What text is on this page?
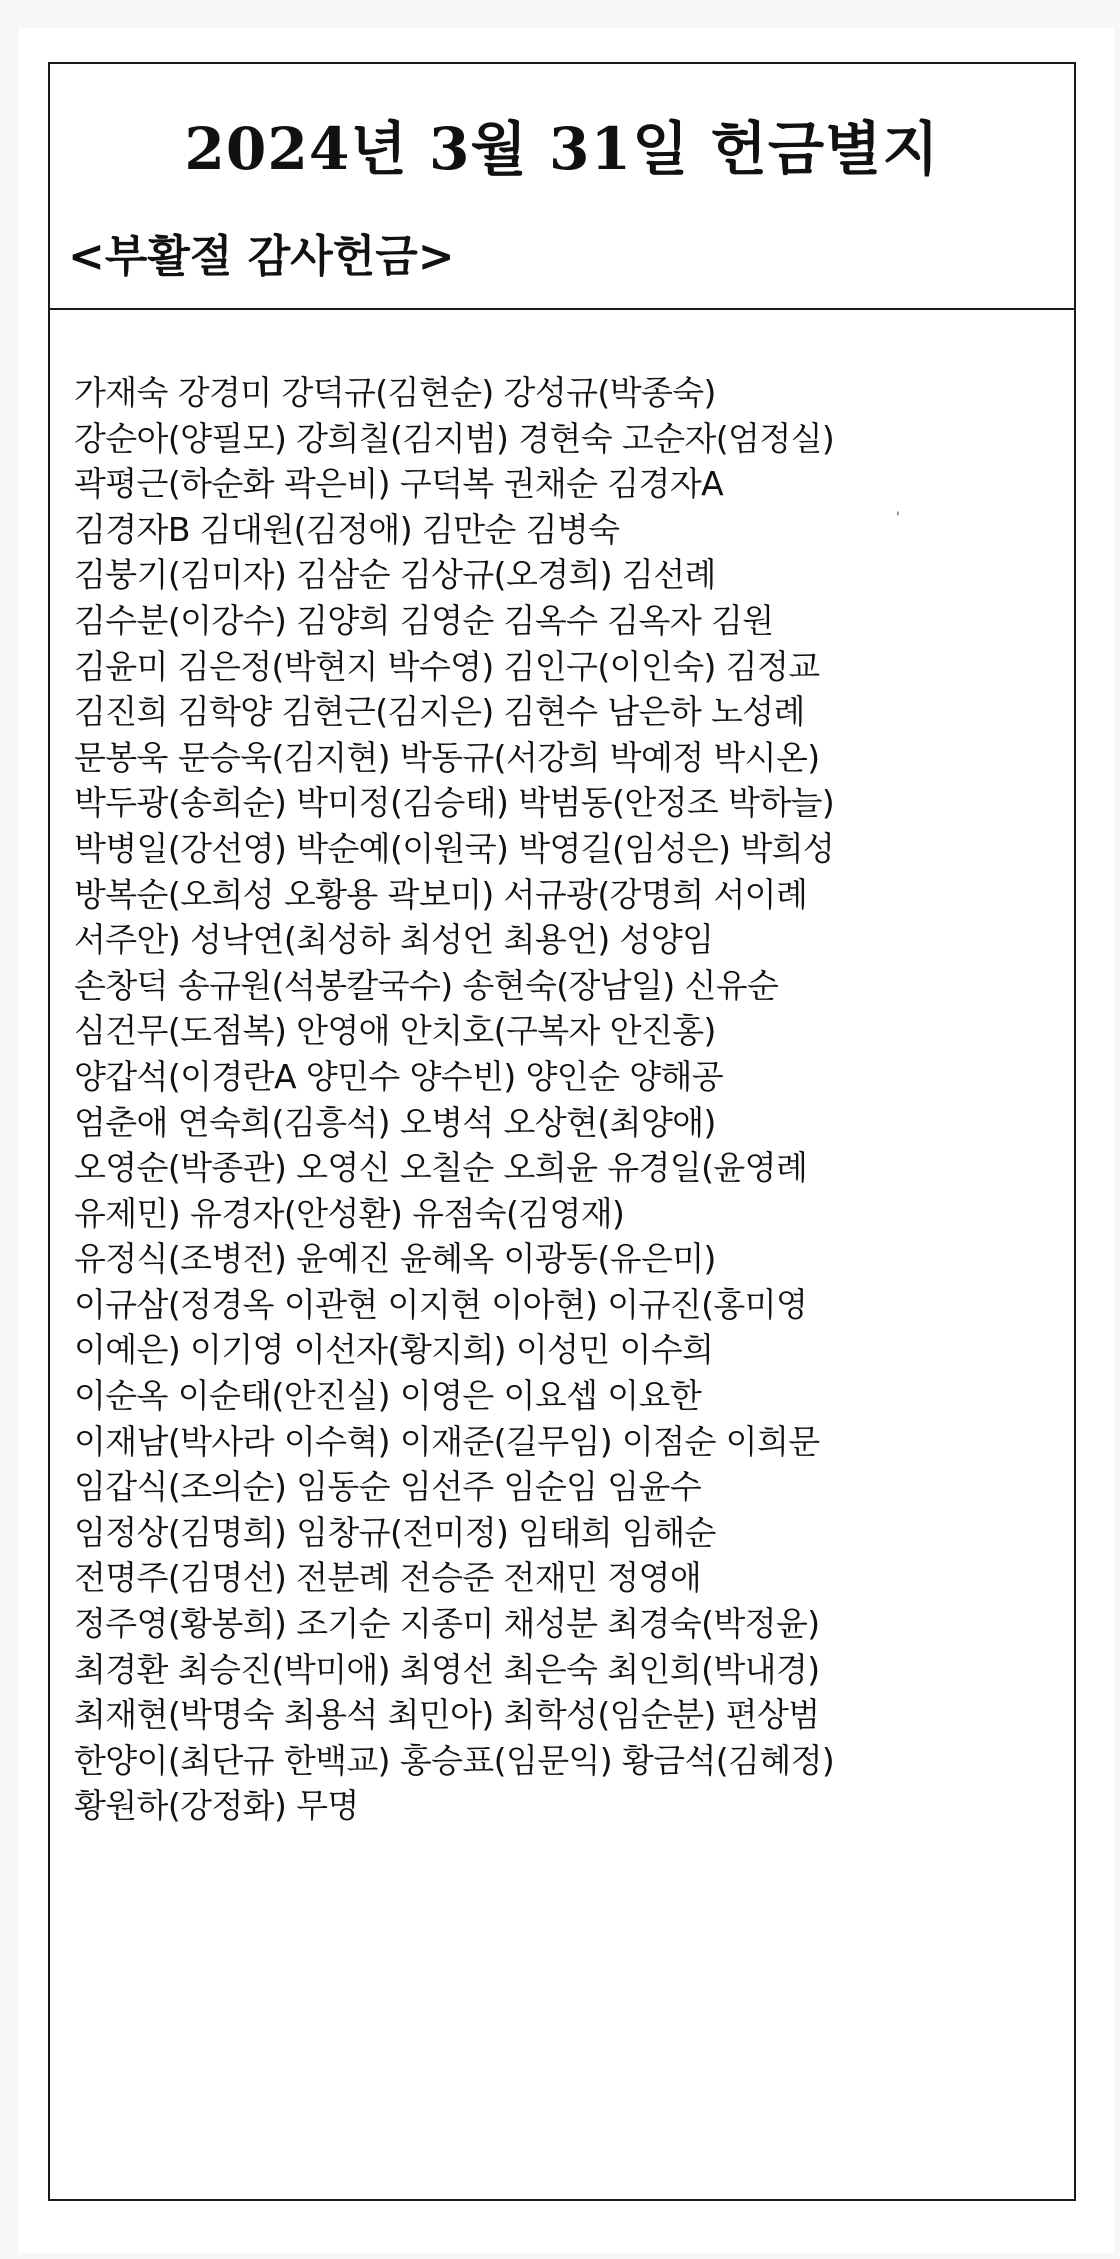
2024년 3월 31일 헌금별지
<부활절 감사헌금>
'
가재숙 강경미 강덕규(김현순) 강성규(박종숙)
강순아(양필모) 강희칠(김지범) 경현숙 고순자(엄정실)
곽평근(하순화 곽은비) 구덕복 권채순 김경자A
김경자B 김대원(김정애) 김만순 김병숙
김붕기(김미자) 김삼순 김상규(오경희) 김선례
김수분(이강수) 김양희 김영순 김옥수 김옥자 김원
김윤미 김은정(박현지 박수영) 김인구(이인숙) 김정교
김진희 김학양 김현근(김지은) 김현수 남은하 노성례
문봉욱 문승욱(김지현) 박동규(서강희 박예정 박시온)
박두광(송희순) 박미정(김승태) 박범동(안정조 박하늘)
박병일(강선영) 박순예(이원국) 박영길(임성은) 박희성
방복순(오희성 오황용 곽보미) 서규광(강명희 서이례
서주안) 성낙연(최성하 최성언 최용언) 성양임
손창덕 송규원(석봉칼국수) 송현숙(장남일) 신유순
심건무(도점복) 안영애 안치호(구복자 안진홍)
양갑석(이경란A 양민수 양수빈) 양인순 양해공
엄춘애 연숙희(김흥석) 오병석 오상현(최양애)
오영순(박종관) 오영신 오칠순 오희윤 유경일(윤영례
유제민) 유경자(안성환) 유점숙(김영재)
유정식(조병전) 윤예진 윤혜옥 이광동(유은미)
이규삼(정경옥 이관현 이지현 이아현) 이규진(홍미영
이예은) 이기영 이선자(황지희) 이성민 이수희
이순옥 이순태(안진실) 이영은 이요셉 이요한
이재남(박사라 이수혁) 이재준(길무임) 이점순 이희문
임갑식(조의순) 임동순 임선주 임순임 임윤수
임정상(김명희) 임창규(전미정) 임태희 임해순
전명주(김명선) 전분례 전승준 전재민 정영애
정주영(황봉희) 조기순 지종미 채성분 최경숙(박정윤)
최경환 최승진(박미애) 최영선 최은숙 최인희(박내경)
최재현(박명숙 최용석 최민아) 최학성(임순분) 편상범
한양이(최단규 한백교) 홍승표(임문익) 황금석(김혜정)
황원하(강정화) 무명
